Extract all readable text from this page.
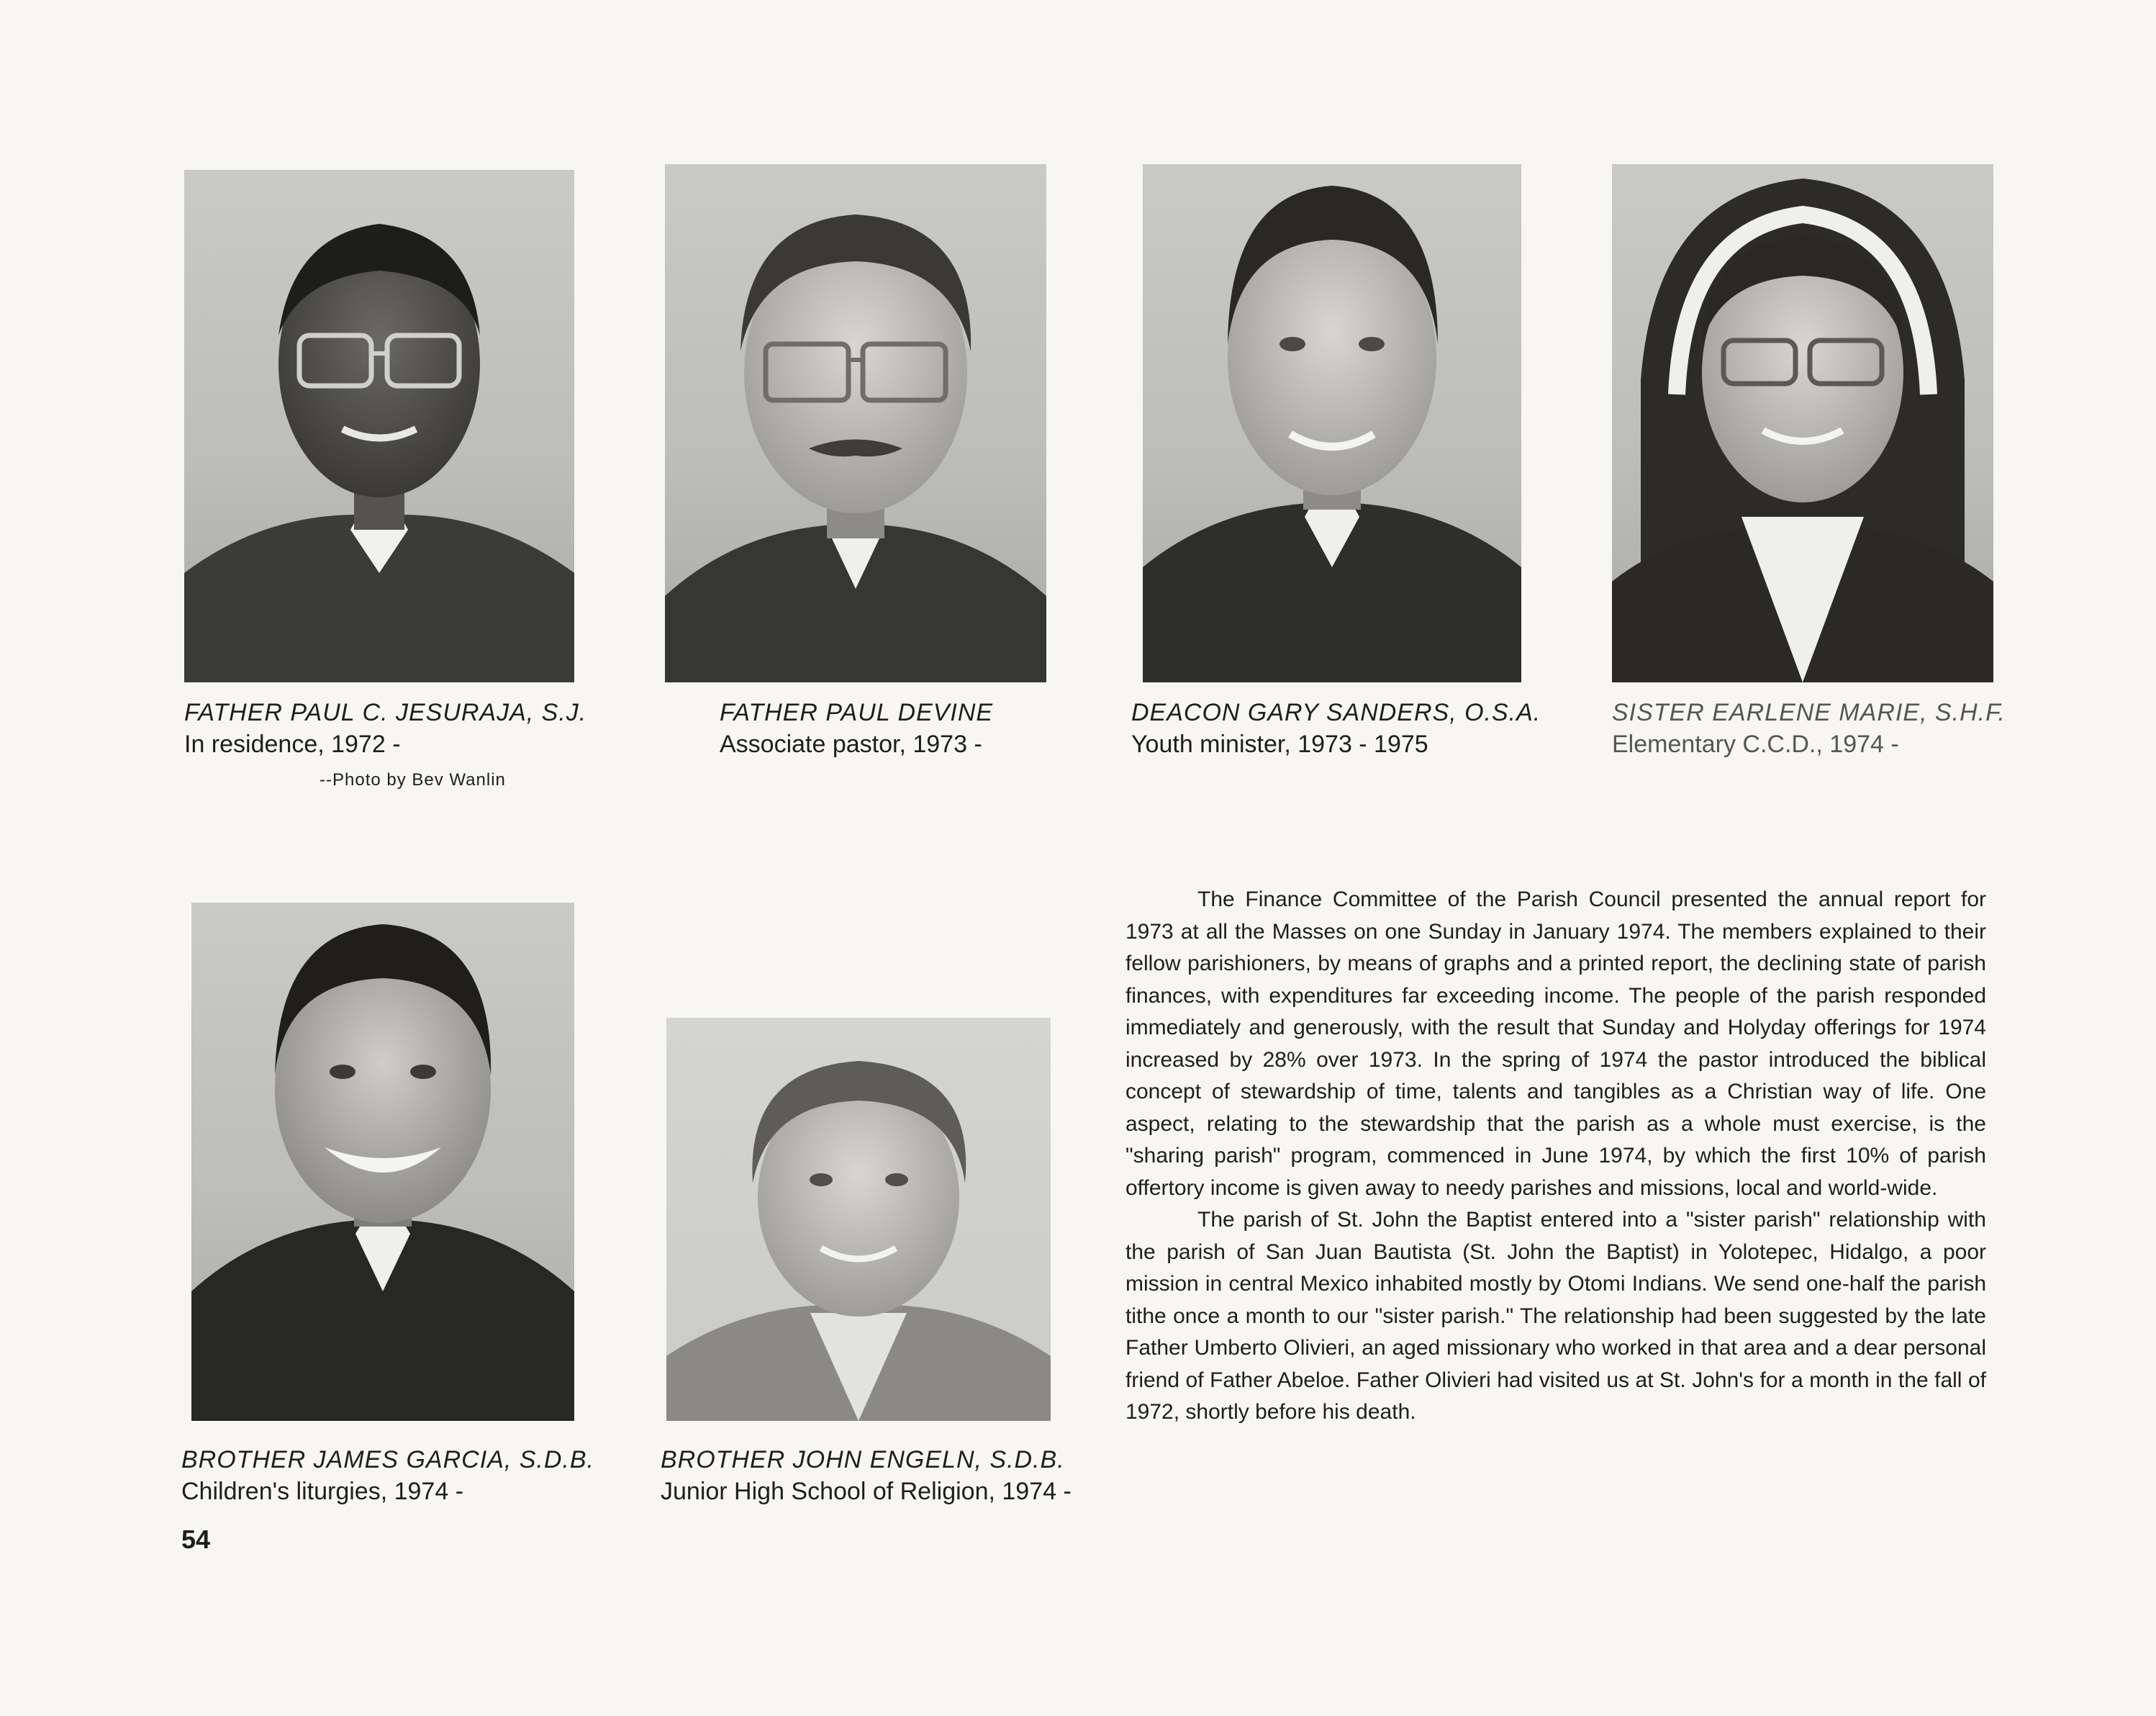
FATHER PAUL C. JESURAJA, S.J.
In residence, 1972 -
--Photo by Bev Wanlin
FATHER PAUL DEVINE
Associate pastor, 1973 -
DEACON GARY SANDERS, O.S.A.
Youth minister, 1973 - 1975
SISTER EARLENE MARIE, S.H.F.
Elementary C.C.D., 1974 -
BROTHER JAMES GARCIA, S.D.B.
Children's liturgies, 1974 -
BROTHER JOHN ENGELN, S.D.B.
Junior High School of Religion, 1974 -

The Finance Committee of the Parish Council presented the annual report for 1973 at all the Masses on one Sunday in January 1974. The members explained to their fellow parishioners, by means of graphs and a printed report, the declining state of parish finances, with expenditures far exceeding income. The people of the parish responded immediately and generously, with the result that Sunday and Holyday offerings for 1974 increased by 28% over 1973. In the spring of 1974 the pastor introduced the biblical concept of stewardship of time, talents and tangibles as a Christian way of life. One aspect, relating to the stewardship that the parish as a whole must exercise, is the "sharing parish" program, commenced in June 1974, by which the first 10% of parish offertory income is given away to needy parishes and missions, local and world-wide.

The parish of St. John the Baptist entered into a "sister parish" relationship with the parish of San Juan Bautista (St. John the Baptist) in Yolotepec, Hidalgo, a poor mission in central Mexico inhabited mostly by Otomi Indians. We send one-half the parish tithe once a month to our "sister parish." The relationship had been suggested by the late Father Umberto Olivieri, an aged missionary who worked in that area and a dear personal friend of Father Abeloe. Father Olivieri had visited us at St. John's for a month in the fall of 1972, shortly before his death.

54
